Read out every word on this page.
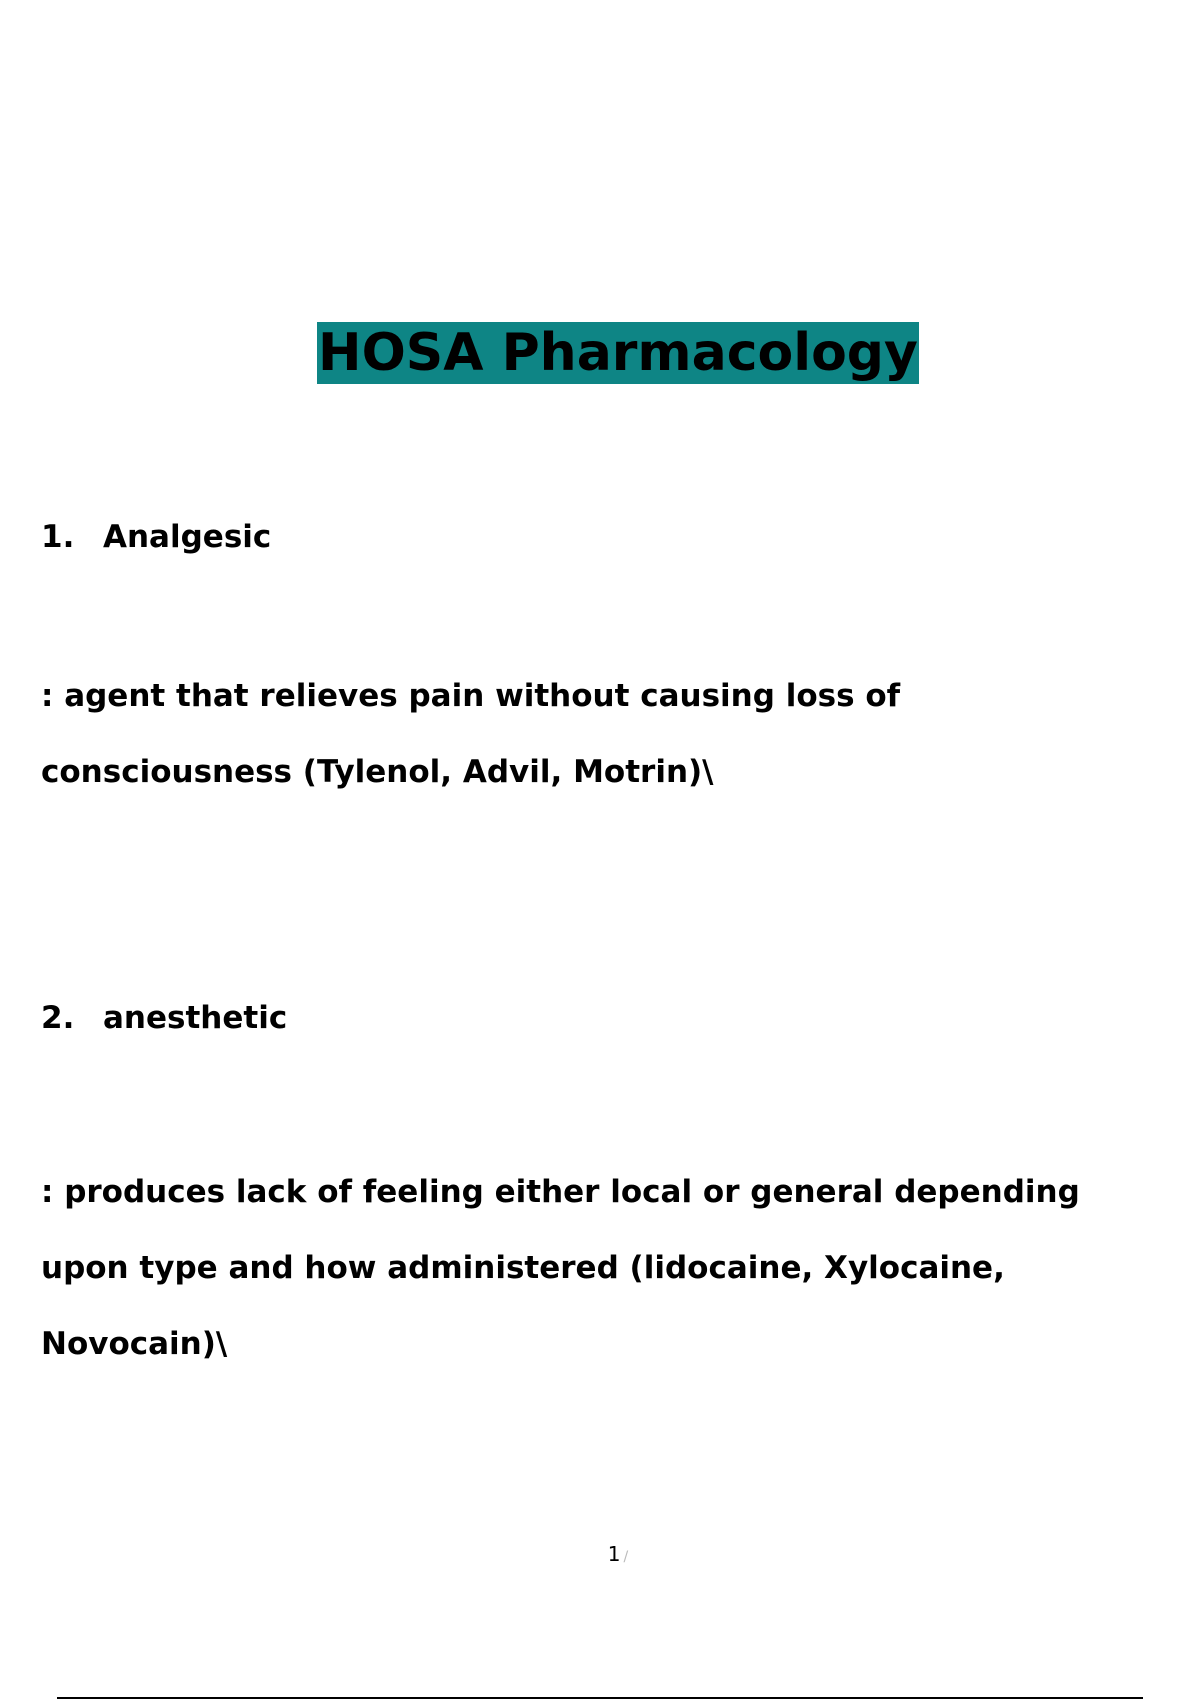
HOSA Pharmacology
1. Analgesic
: agent that relieves pain without causing loss of
consciousness (Tylenol, Advil, Motrin)\
2. anesthetic
: produces lack of feeling either local or general depending
upon type and how administered (lidocaine, Xylocaine,
Novocain)\
1 /
